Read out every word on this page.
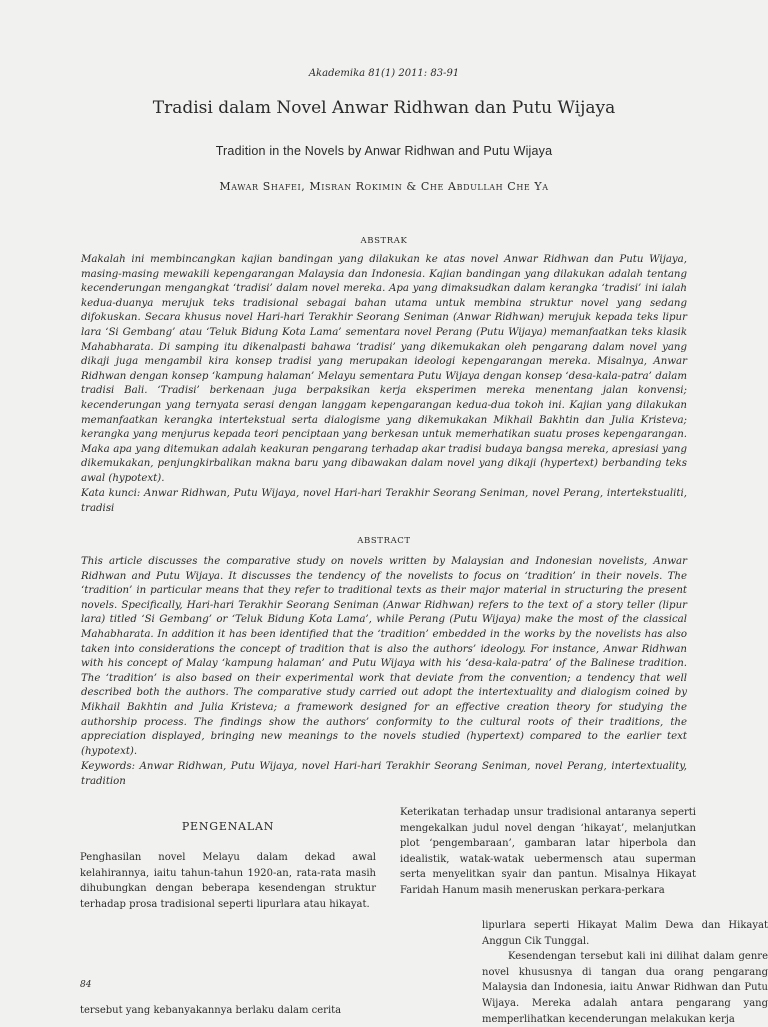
Akademika 81(1) 2011: 83-91
Tradisi dalam Novel Anwar Ridhwan dan Putu Wijaya
Tradition in the Novels by Anwar Ridhwan and Putu Wijaya
Mawar Shafei, Misran Rokimin & Che Abdullah Che Ya
ABSTRAK
Makalah ini membincangkan kajian bandingan yang dilakukan ke atas novel Anwar Ridhwan dan Putu Wijaya, masing-masing mewakili kepengarangan Malaysia dan Indonesia. Kajian bandingan yang dilakukan adalah tentang kecenderungan mengangkat ‘tradisi’ dalam novel mereka. Apa yang dimaksudkan dalam kerangka ‘tradisi’ ini ialah kedua-duanya merujuk teks tradisional sebagai bahan utama untuk membina struktur novel yang sedang difokuskan. Secara khusus novel Hari-hari Terakhir Seorang Seniman (Anwar Ridhwan) merujuk kepada teks lipur lara ‘Si Gembang’ atau ‘Teluk Bidung Kota Lama’ sementara novel Perang (Putu Wijaya) memanfaatkan teks klasik Mahabharata. Di samping itu dikenalpasti bahawa ‘tradisi’ yang dikemukakan oleh pengarang dalam novel yang dikaji juga mengambil kira konsep tradisi yang merupakan ideologi kepengarangan mereka. Misalnya, Anwar Ridhwan dengan konsep ‘kampung halaman’ Melayu sementara Putu Wijaya dengan konsep ‘desa-kala-patra’ dalam tradisi Bali. ‘Tradisi’ berkenaan juga berpaksikan kerja eksperimen mereka menentang jalan konvensi; kecenderungan yang ternyata serasi dengan langgam kepengarangan kedua-dua tokoh ini. Kajian yang dilakukan memanfaatkan kerangka intertekstual serta dialogisme yang dikemukakan Mikhail Bakhtin dan Julia Kristeva; kerangka yang menjurus kepada teori penciptaan yang berkesan untuk memerhatikan suatu proses kepengarangan. Maka apa yang ditemukan adalah keakuran pengarang terhadap akar tradisi budaya bangsa mereka, apresiasi yang dikemukakan, penjungkirbalikan makna baru yang dibawakan dalam novel yang dikaji (hypertext) berbanding teks awal (hypotext).
Kata kunci: Anwar Ridhwan, Putu Wijaya, novel Hari-hari Terakhir Seorang Seniman, novel Perang, intertekstualiti, tradisi
ABSTRACT
This article discusses the comparative study on novels written by Malaysian and Indonesian novelists, Anwar Ridhwan and Putu Wijaya. It discusses the tendency of the novelists to focus on ‘tradition’ in their novels. The ‘tradition’ in particular means that they refer to traditional texts as their major material in structuring the present novels. Specifically, Hari-hari Terakhir Seorang Seniman (Anwar Ridhwan) refers to the text of a story teller (lipur lara) titled ‘Si Gembang’ or ‘Teluk Bidung Kota Lama’, while Perang (Putu Wijaya) make the most of the classical Mahabharata. In addition it has been identified that the ‘tradition’ embedded in the works by the novelists has also taken into considerations the concept of tradition that is also the authors’ ideology. For instance, Anwar Ridhwan with his concept of Malay ‘kampung halaman’ and Putu Wijaya with his ‘desa-kala-patra’ of the Balinese tradition. The ‘tradition’ is also based on their experimental work that deviate from the convention; a tendency that well described both the authors. The comparative study carried out adopt the intertextuality and dialogism coined by Mikhail Bakhtin and Julia Kristeva; a framework designed for an effective creation theory for studying the authorship process. The findings show the authors’ conformity to the cultural roots of their traditions, the appreciation displayed, bringing new meanings to the novels studied (hypertext) compared to the earlier text (hypotext).
Keywords: Anwar Ridhwan, Putu Wijaya, novel Hari-hari Terakhir Seorang Seniman, novel Perang, intertextuality, tradition
PENGENALAN
Penghasilan novel Melayu dalam dekad awal kelahirannya, iaitu tahun-tahun 1920-an, rata-rata masih dihubungkan dengan beberapa kesendengan struktur terhadap prosa tradisional seperti lipurlara atau hikayat.
Keterikatan terhadap unsur tradisional antaranya seperti mengekalkan judul novel dengan ‘hikayat’, melanjutkan plot ‘pengembaraan’, gambaran latar hiperbola dan idealistik, watak-watak uebermensch atau superman serta menyelitkan syair dan pantun. Misalnya Hikayat Faridah Hanum masih meneruskan perkara-perkara

lipurlara seperti Hikayat Malim Dewa dan Hikayat Anggun Cik Tunggal.

Kesendengan tersebut kali ini dilihat dalam genre novel khususnya di tangan dua orang pengarang Malaysia dan Indonesia, iaitu Anwar Ridhwan dan Putu Wijaya. Mereka adalah antara pengarang yang memperlihatkan kecenderungan melakukan kerja

84
tersebut yang kebanyakannya berlaku dalam cerita
